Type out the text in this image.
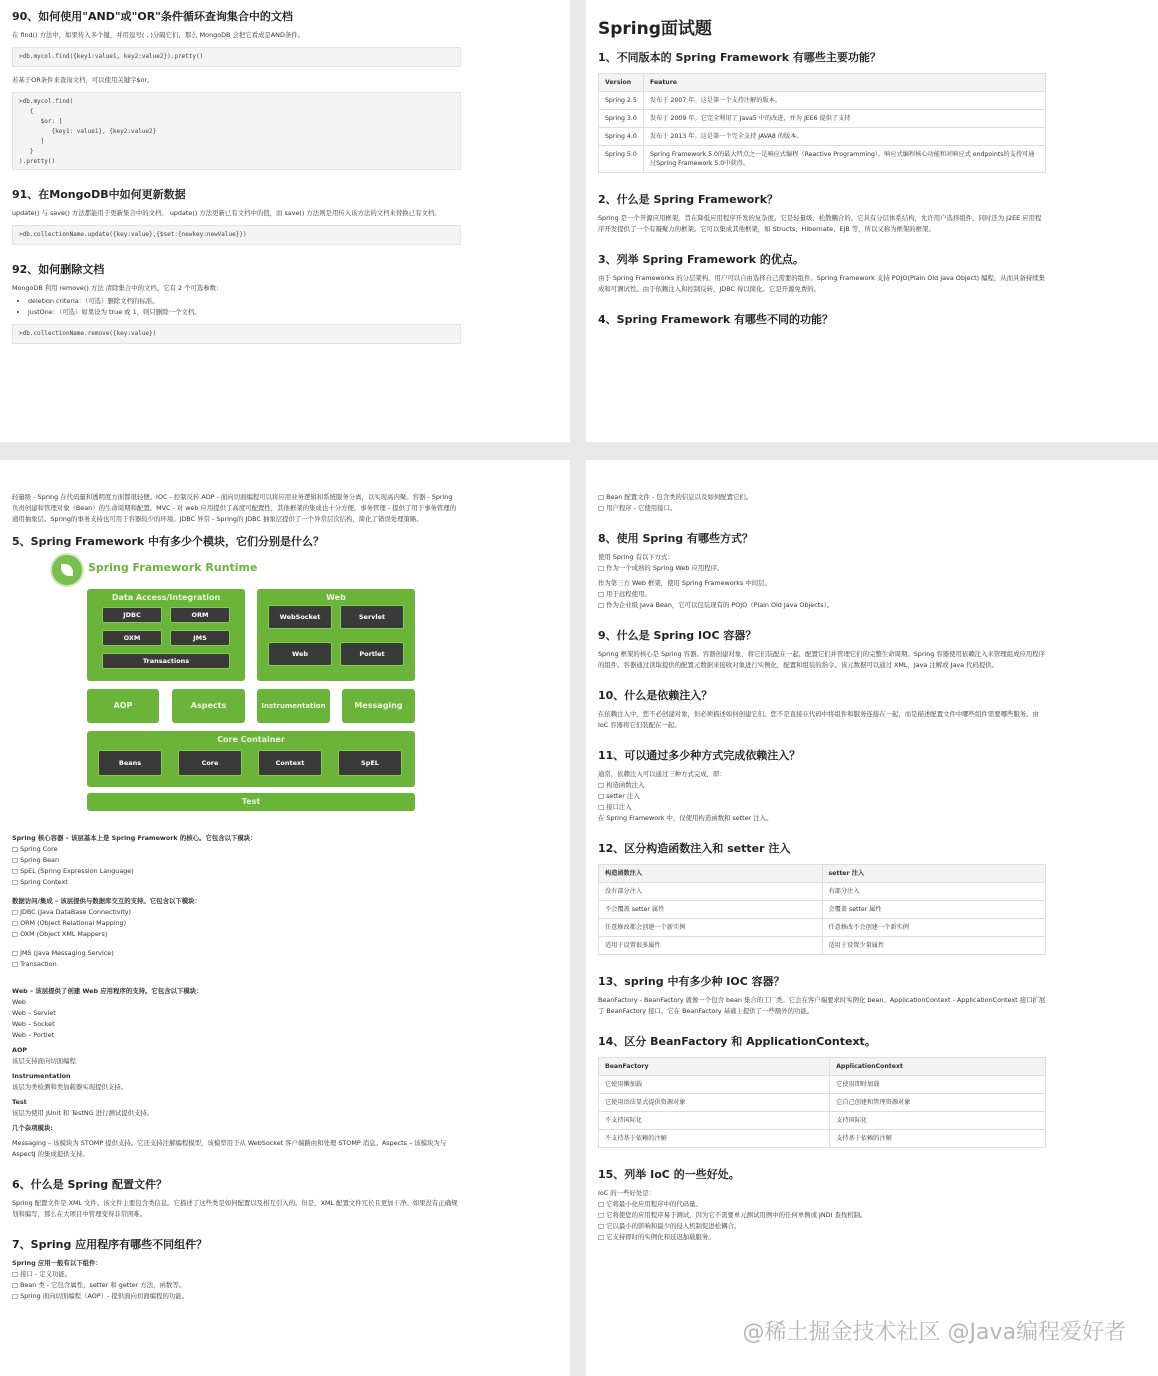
90、如何使用"AND"或"OR"条件循环查询集合中的文档

在 find() 方法中，如果传入多个键，并用逗号( , )分隔它们，那么 MongoDB 会把它看成是AND条件。

>db.mycol.find({key1:value1, key2:value2}).pretty()

若基于OR条件来查询文档，可以使用关键字$or。

>db.mycol.find(
{
$or: [
{key1: value1}, {key2:value2}
]
}
).pretty()
91、在MongoDB中如何更新数据

update() 与 save() 方法都能用于更新集合中的文档。 update() 方法更新已有文档中的值，而 save() 方法则是用传入该方法的文档来替换已有文档。

>db.collectionName.update({key:value},{$set:{newkey:newValue}})
92、如何删除文档

MongoDB 利用 remove() 方法 清除集合中的文档。它有 2 个可选参数：

• deletion criteria：（可选）删除文档的标准。
• justOne：（可选）如果设为 true 或 1，则只删除一个文档。
>db.collectionName.remove({key:value})
Spring面试题
1、不同版本的 Spring Framework 有哪些主要功能？
Version	Feature
Spring 2.5	发布于 2007 年。这是第一个支持注解的版本。
Spring 3.0	发布于 2009 年。它完全利用了 Java5 中的改进，并为 JEE6 提供了支持
Spring 4.0	发布于 2013 年。这是第一个完全支持 JAVA8 的版本。
Spring 5.0	Spring Framework 5.0的最大特点之一是响应式编程（Reactive Programming）。响应式编程核心功能和对响应式 endpoints的支持可通过Spring Framework 5.0中获得。
2、什么是 Spring Framework？

Spring 是一个开源应用框架，旨在降低应用程序开发的复杂度。它是轻量级、松散耦合的。它具有分层体系结构，允许用户选择组件，同时还为 J2EE 应用程序开发提供了一个有凝聚力的框架。它可以集成其他框架，如 Structs、Hibernate、EJB 等，所以又称为框架的框架。

3、列举 Spring Framework 的优点。

由于 Spring Frameworks 的分层架构，用户可以自由选择自己需要的组件。Spring Framework 支持 POJO(Plain Old Java Object) 编程，从而具备持续集成和可测试性。由于依赖注入和控制反转，JDBC 得以简化。它是开源免费的。

4、Spring Framework 有哪些不同的功能？

轻量级 - Spring 在代码量和透明度方面都很轻便。IOC - 控制反转 AOP - 面向切面编程可以将应用业务逻辑和系统服务分离，以实现高内聚。容器 - Spring 负责创建和管理对象（Bean）的生命周期和配置。MVC - 对 web 应用提供了高度可配置性，其他框架的集成也十分方便。事务管理 - 提供了用于事务管理的通用抽象层。Spring的事务支持也可用于容器较少的环境。JDBC 异常 - Spring的 JDBC 抽象层提供了一个异常层次结构，简化了错误处理策略。

5、Spring Framework 中有多少个模块，它们分别是什么？
Spring Framework Runtime
Data Access/Integration
JDBC	ORM
OXM	JMS
Transactions
Web
WebSocket	Servlet
Web	Portlet
AOP	Aspects	Instrumentation	Messaging
Core Container
Beans	Core	Context	SpEL
Test

Spring 核心容器 – 该层基本上是 Spring Framework 的核心。它包含以下模块：

□ Spring Core
□ Spring Bean
□ SpEL (Spring Expression Language)
□ Spring Context

数据访问/集成 – 该层提供与数据库交互的支持。它包含以下模块：

□ JDBC (Java DataBase Connectivity)
□ ORM (Object Relational Mapping)
□ OXM (Object XML Mappers)
□ JMS (Java Messaging Service)
□ Transaction

Web – 该层提供了创建 Web 应用程序的支持。它包含以下模块：

Web
Web – Servlet
Web – Socket
Web – Portlet

AOP

该层支持面向切面编程

Instrumentation

该层为类检测和类加载器实现提供支持。

Test

该层为使用 JUnit 和 TestNG 进行测试提供支持。

几个杂项模块:

Messaging – 该模块为 STOMP 提供支持。它还支持注解编程模型，该模型用于从 WebSocket 客户端路由和处理 STOMP 消息。Aspects – 该模块为与 AspectJ 的集成提供支持。

6、什么是 Spring 配置文件？

Spring 配置文件是 XML 文件。该文件主要包含类信息。它描述了这些类是如何配置以及相互引入的。但是，XML 配置文件冗长且更加干净。如果没有正确规划和编写，那么在大项目中管理变得非常困难。

7、Spring 应用程序有哪些不同组件？

Spring 应用一般有以下组件：

□ 接口 - 定义功能。
□ Bean 类 - 它包含属性，setter 和 getter 方法，函数等。
□ Spring 面向切面编程（AOP）- 提供面向切面编程的功能。
□ Bean 配置文件 - 包含类的信息以及如何配置它们。
□ 用户程序 - 它使用接口。
8、使用 Spring 有哪些方式？
使用 Spring 有以下方式：
□ 作为一个成熟的 Spring Web 应用程序。
作为第三方 Web 框架，使用 Spring Frameworks 中间层。
□ 用于远程使用。
□ 作为企业级 Java Bean，它可以包装现有的 POJO（Plain Old Java Objects）。
9、什么是 Spring IOC 容器？

Spring 框架的核心是 Spring 容器。容器创建对象，将它们装配在一起，配置它们并管理它们的完整生命周期。Spring 容器使用依赖注入来管理组成应用程序的组件。容器通过读取提供的配置元数据来接收对象进行实例化，配置和组装的指令。该元数据可以通过 XML，Java 注解或 Java 代码提供。

10、什么是依赖注入？

在依赖注入中，您不必创建对象，但必须描述如何创建它们。您不是直接在代码中将组件和服务连接在一起，而是描述配置文件中哪些组件需要哪些服务。由 IoC 容器将它们装配在一起。

11、可以通过多少种方式完成依赖注入？
通常，依赖注入可以通过三种方式完成，即：
□ 构造函数注入
□ setter 注入
□ 接口注入
在 Spring Framework 中，仅使用构造函数和 setter 注入。
12、区分构造函数注入和 setter 注入
构造函数注入	setter 注入
没有部分注入	有部分注入
不会覆盖 setter 属性	会覆盖 setter 属性
任意修改都会创建一个新实例	任意修改不会创建一个新实例
适用于设置很多属性	适用于设置少量属性
13、spring 中有多少种 IOC 容器？

BeanFactory - BeanFactory 就像一个包含 bean 集合的工厂类。它会在客户端要求时实例化 bean。ApplicationContext - ApplicationContext 接口扩展了 BeanFactory 接口。它在 BeanFactory 基础上提供了一些额外的功能。

14、区分 BeanFactory 和 ApplicationContext。
BeanFactory	ApplicationContext
它使用懒加载	它使用即时加载
它使用语法显式提供资源对象	它自己创建和管理资源对象
不支持国际化	支持国际化
不支持基于依赖的注解	支持基于依赖的注解
15、列举 IoC 的一些好处。
IoC 的一些好处是：
□ 它将最小化应用程序中的代码量。
□ 它将使您的应用程序易于测试，因为它不需要单元测试用例中的任何单例或 JNDI 查找机制。
□ 它以最小的影响和最少的侵入机制促进松耦合。
□ 它支持即时的实例化和延迟加载服务。
@稀土掘金技术社区 @Java编程爱好者
